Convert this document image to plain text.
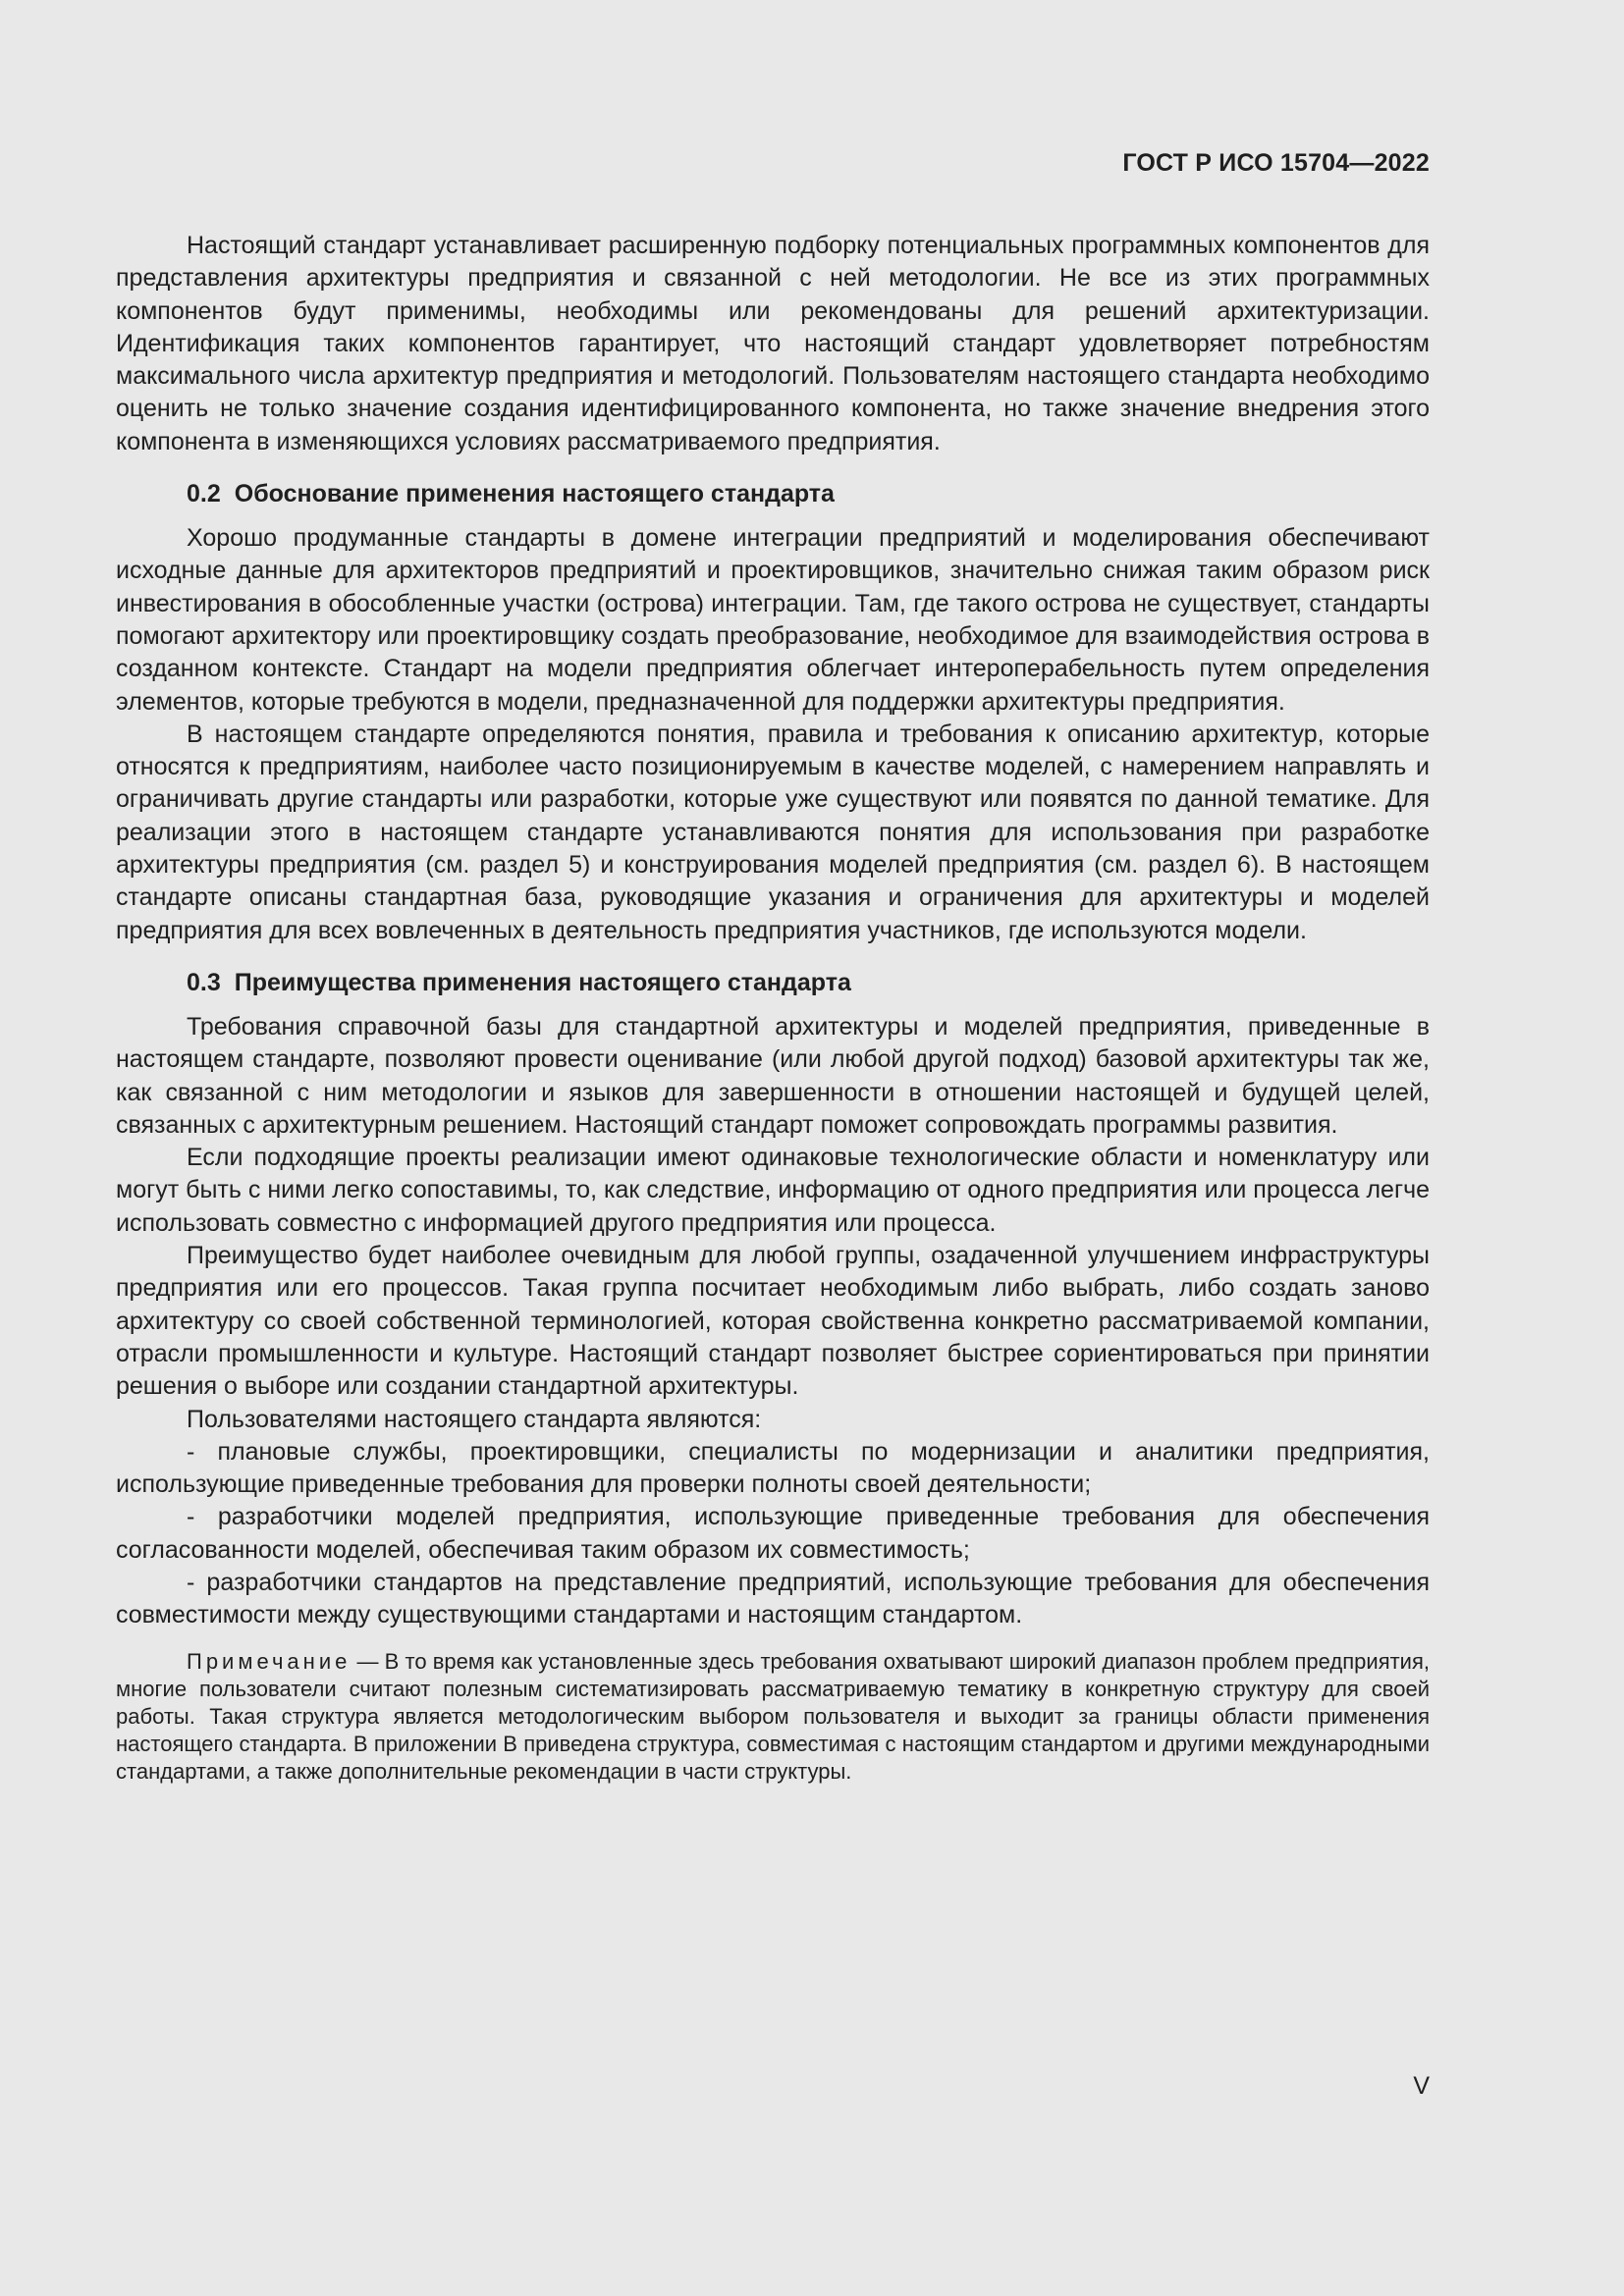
ГОСТ Р ИСО 15704—2022

Настоящий стандарт устанавливает расширенную подборку потенциальных программных компонентов для представления архитектуры предприятия и связанной с ней методологии. Не все из этих программных компонентов будут применимы, необходимы или рекомендованы для решений архитектуризации. Идентификация таких компонентов гарантирует, что настоящий стандарт удовлетворяет потребностям максимального числа архитектур предприятия и методологий. Пользователям настоящего стандарта необходимо оценить не только значение создания идентифицированного компонента, но также значение внедрения этого компонента в изменяющихся условиях рассматриваемого предприятия.

0.2 Обоснование применения настоящего стандарта

Хорошо продуманные стандарты в домене интеграции предприятий и моделирования обеспечивают исходные данные для архитекторов предприятий и проектировщиков, значительно снижая таким образом риск инвестирования в обособленные участки (острова) интеграции. Там, где такого острова не существует, стандарты помогают архитектору или проектировщику создать преобразование, необходимое для взаимодействия острова в созданном контексте. Стандарт на модели предприятия облегчает интероперабельность путем определения элементов, которые требуются в модели, предназначенной для поддержки архитектуры предприятия.

В настоящем стандарте определяются понятия, правила и требования к описанию архитектур, которые относятся к предприятиям, наиболее часто позиционируемым в качестве моделей, с намерением направлять и ограничивать другие стандарты или разработки, которые уже существуют или появятся по данной тематике. Для реализации этого в настоящем стандарте устанавливаются понятия для использования при разработке архитектуры предприятия (см. раздел 5) и конструирования моделей предприятия (см. раздел 6). В настоящем стандарте описаны стандартная база, руководящие указания и ограничения для архитектуры и моделей предприятия для всех вовлеченных в деятельность предприятия участников, где используются модели.

0.3 Преимущества применения настоящего стандарта

Требования справочной базы для стандартной архитектуры и моделей предприятия, приведенные в настоящем стандарте, позволяют провести оценивание (или любой другой подход) базовой архитектуры так же, как связанной с ним методологии и языков для завершенности в отношении настоящей и будущей целей, связанных с архитектурным решением. Настоящий стандарт поможет сопровождать программы развития.

Если подходящие проекты реализации имеют одинаковые технологические области и номенклатуру или могут быть с ними легко сопоставимы, то, как следствие, информацию от одного предприятия или процесса легче использовать совместно с информацией другого предприятия или процесса.

Преимущество будет наиболее очевидным для любой группы, озадаченной улучшением инфраструктуры предприятия или его процессов. Такая группа посчитает необходимым либо выбрать, либо создать заново архитектуру со своей собственной терминологией, которая свойственна конкретно рассматриваемой компании, отрасли промышленности и культуре. Настоящий стандарт позволяет быстрее сориентироваться при принятии решения о выборе или создании стандартной архитектуры.

Пользователями настоящего стандарта являются:

- плановые службы, проектировщики, специалисты по модернизации и аналитики предприятия, использующие приведенные требования для проверки полноты своей деятельности;

- разработчики моделей предприятия, использующие приведенные требования для обеспечения согласованности моделей, обеспечивая таким образом их совместимость;

- разработчики стандартов на представление предприятий, использующие требования для обеспечения совместимости между существующими стандартами и настоящим стандартом.

Примечание — В то время как установленные здесь требования охватывают широкий диапазон проблем предприятия, многие пользователи считают полезным систематизировать рассматриваемую тематику в конкретную структуру для своей работы. Такая структура является методологическим выбором пользователя и выходит за границы области применения настоящего стандарта. В приложении В приведена структура, совместимая с настоящим стандартом и другими международными стандартами, а также дополнительные рекомендации в части структуры.

V
